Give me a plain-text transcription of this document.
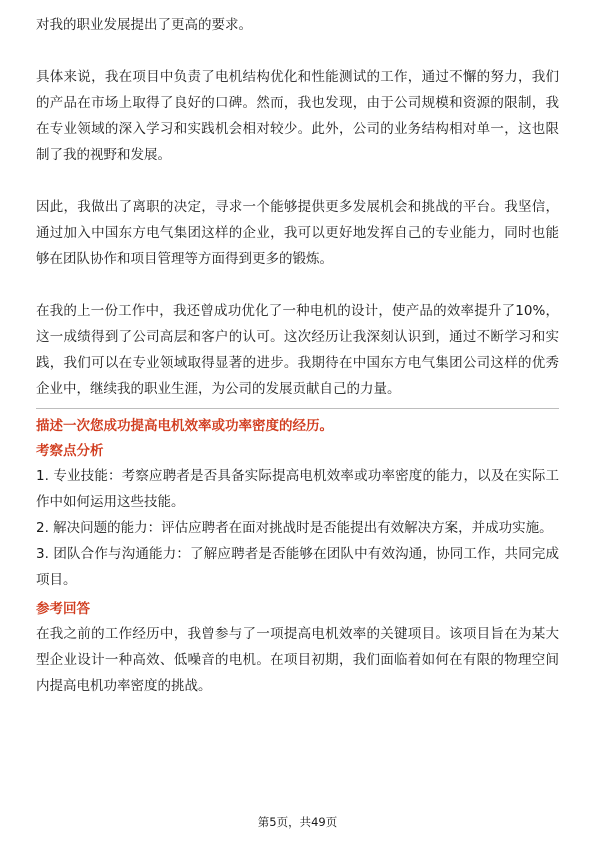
对我的职业发展提出了更高的要求。

具体来说，我在项目中负责了电机结构优化和性能测试的工作，通过不懈的努力，我们的产品在市场上取得了良好的口碑。然而，我也发现，由于公司规模和资源的限制，我在专业领域的深入学习和实践机会相对较少。此外，公司的业务结构相对单一，这也限制了我的视野和发展。

因此，我做出了离职的决定，寻求一个能够提供更多发展机会和挑战的平台。我坚信，通过加入中国东方电气集团这样的企业，我可以更好地发挥自己的专业能力，同时也能够在团队协作和项目管理等方面得到更多的锻炼。

在我的上一份工作中，我还曾成功优化了一种电机的设计，使产品的效率提升了10%，这一成绩得到了公司高层和客户的认可。这次经历让我深刻认识到，通过不断学习和实践，我们可以在专业领域取得显著的进步。我期待在中国东方电气集团公司这样的优秀企业中，继续我的职业生涯，为公司的发展贡献自己的力量。

描述一次您成功提高电机效率或功率密度的经历。

考察点分析

1. 专业技能：考察应聘者是否具备实际提高电机效率或功率密度的能力，以及在实际工作中如何运用这些技能。

2. 解决问题的能力：评估应聘者在面对挑战时是否能提出有效解决方案，并成功实施。

3. 团队合作与沟通能力：了解应聘者是否能够在团队中有效沟通，协同工作，共同完成项目。

参考回答

在我之前的工作经历中，我曾参与了一项提高电机效率的关键项目。该项目旨在为某大型企业设计一种高效、低噪音的电机。在项目初期，我们面临着如何在有限的物理空间内提高电机功率密度的挑战。

第5页，共49页
